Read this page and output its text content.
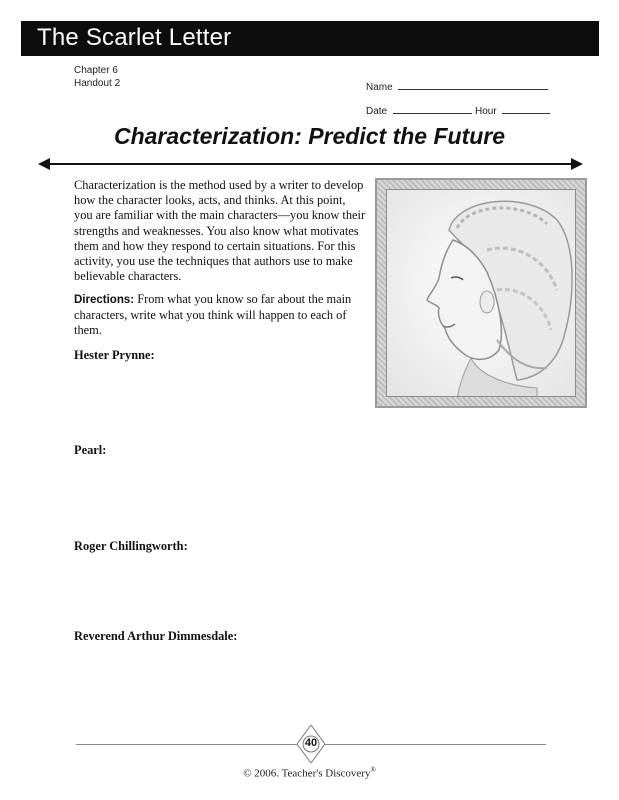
The Scarlet Letter
Chapter 6
Handout 2	Name
Date	Hour
Characterization: Predict the Future
Characterization is the method used by a writer to develop how the character looks, acts, and thinks. At this point, you are familiar with the main characters—you know their strengths and weaknesses. You also know what motivates them and how they respond to certain situations. For this activity, you use the techniques that authors use to make believable characters.
Directions: From what you know so far about the main characters, write what you think will happen to each of them.
Hester Prynne:
Pearl:
Roger Chillingworth:
Reverend Arthur Dimmesdale:
40
© 2006. Teacher's Discovery®
